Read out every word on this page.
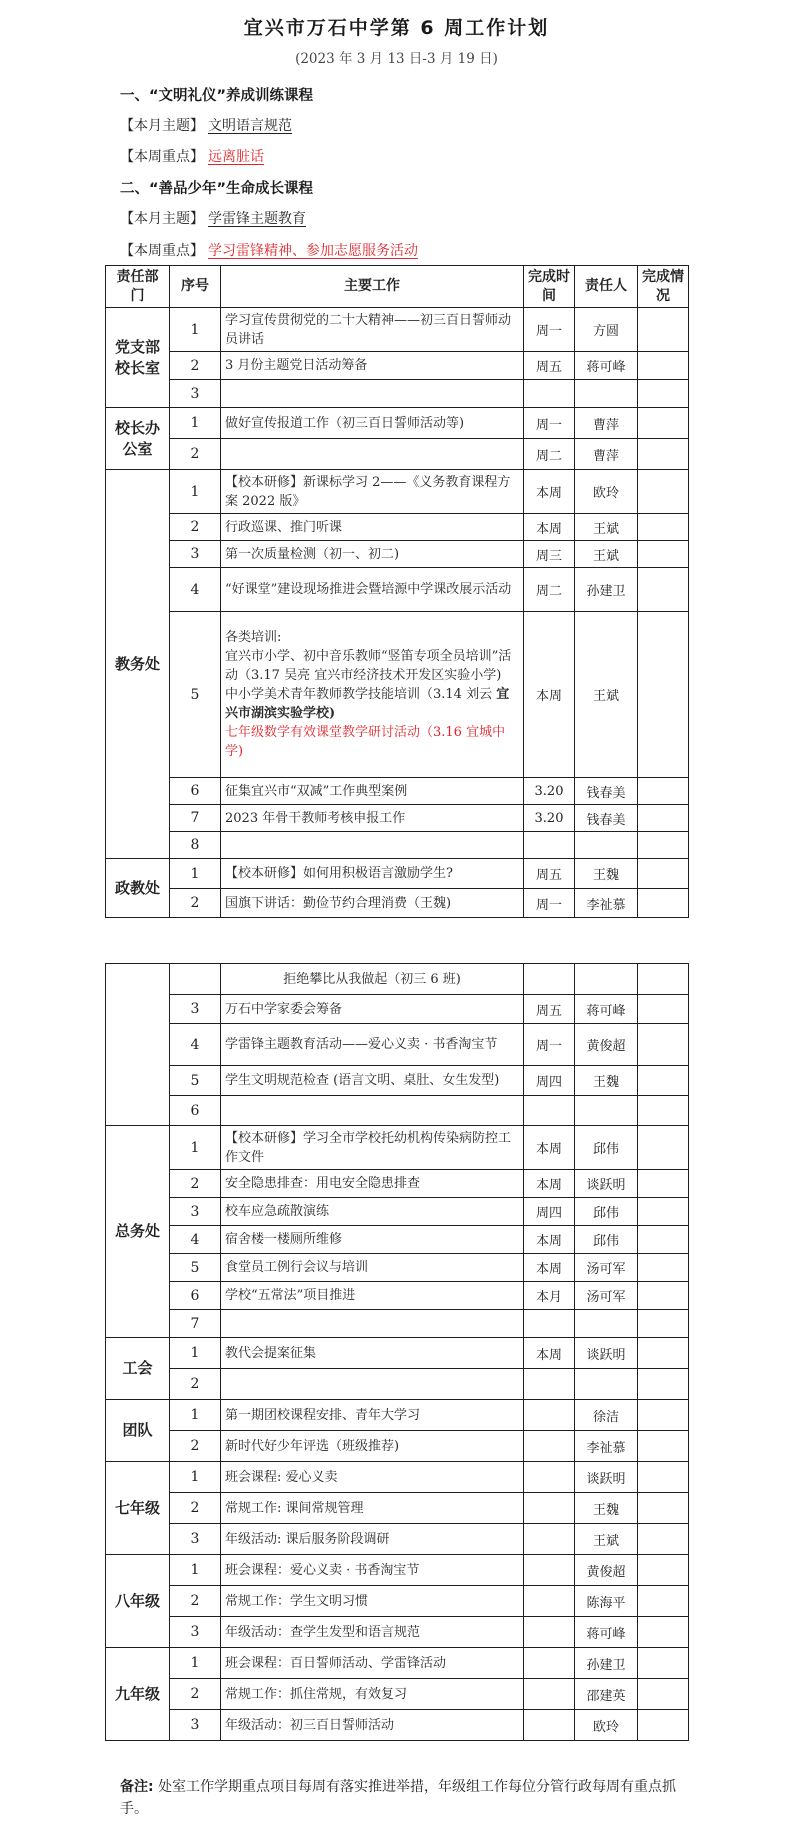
宜兴市万石中学第 6 周工作计划
(2023 年 3 月 13 日-3 月 19 日)
一、“文明礼仪”养成训练课程
【本月主题】 文明语言规范
【本周重点】 远离脏话
二、“善品少年”生命成长课程
【本月主题】 学雷锋主题教育
【本周重点】 学习雷锋精神、参加志愿服务活动
责任部门	序号	主要工作	完成时间	责任人	完成情况
党支部校长室	1	学习宣传贯彻党的二十大精神——初三百日誓师动员讲话	周一	方圆	
	2	3 月份主题党日活动筹备	周五	蒋可峰	
	3				
校长办公室	1	做好宣传报道工作（初三百日誓师活动等)	周一	曹萍	
	2		周二	曹萍	
教务处	1	【校本研修】新课标学习 2——《义务教育课程方案 2022 版》	本周	欧玲	
	2	行政巡课、推门听课	本周	王斌	
	3	第一次质量检测（初一、初二)	周三	王斌	
	4	“好课堂”建设现场推进会暨培源中学课改展示活动	周二	孙建卫	
	5	各类培训:
宜兴市小学、初中音乐教师“竖笛专项全员培训”活动（3.17 吴亮 宜兴市经济技术开发区实验小学)
中小学美术青年教师教学技能培训（3.14 刘云 宜兴市湖滨实验学校)
七年级数学有效课堂教学研讨活动（3.16 宜城中学)	本周	王斌	
	6	征集宜兴市“双减”工作典型案例	3.20	钱春美	
	7	2023 年骨干教师考核申报工作	3.20	钱春美	
	8				
政教处	1	【校本研修】如何用积极语言激励学生?	周五	王魏	
	2	国旗下讲话：勤俭节约合理消费（王魏)	周一	李祉慕	
		拒绝攀比从我做起（初三 6 班)			
	3	万石中学家委会筹备	周五	蒋可峰	
	4	学雷锋主题教育活动——爱心义卖 · 书香淘宝节	周一	黄俊超	
	5	学生文明规范检查 (语言文明、桌肚、女生发型)	周四	王魏	
	6				
总务处	1	【校本研修】学习全市学校托幼机构传染病防控工作文件	本周	邱伟	
	2	安全隐患排查：用电安全隐患排查	本周	谈跃明	
	3	校车应急疏散演练	周四	邱伟	
	4	宿舍楼一楼厕所维修	本周	邱伟	
	5	食堂员工例行会议与培训	本周	汤可军	
	6	学校“五常法”项目推进	本月	汤可军	
	7				
工会	1	教代会提案征集	本周	谈跃明	
	2				
团队	1	第一期团校课程安排、青年大学习		徐洁	
	2	新时代好少年评选（班级推荐)		李祉慕	
七年级	1	班会课程: 爱心义卖		谈跃明	
	2	常规工作: 课间常规管理		王魏	
	3	年级活动: 课后服务阶段调研		王斌	
八年级	1	班会课程：爱心义卖 · 书香淘宝节		黄俊超	
	2	常规工作：学生文明习惯		陈海平	
	3	年级活动：查学生发型和语言规范		蒋可峰	
九年级	1	班会课程：百日誓师活动、学雷锋活动		孙建卫	
	2	常规工作：抓住常规，有效复习		邵建英	
	3	年级活动：初三百日誓师活动		欧玲	
备注: 处室工作学期重点项目每周有落实推进举措，年级组工作每位分管行政每周有重点抓手。
